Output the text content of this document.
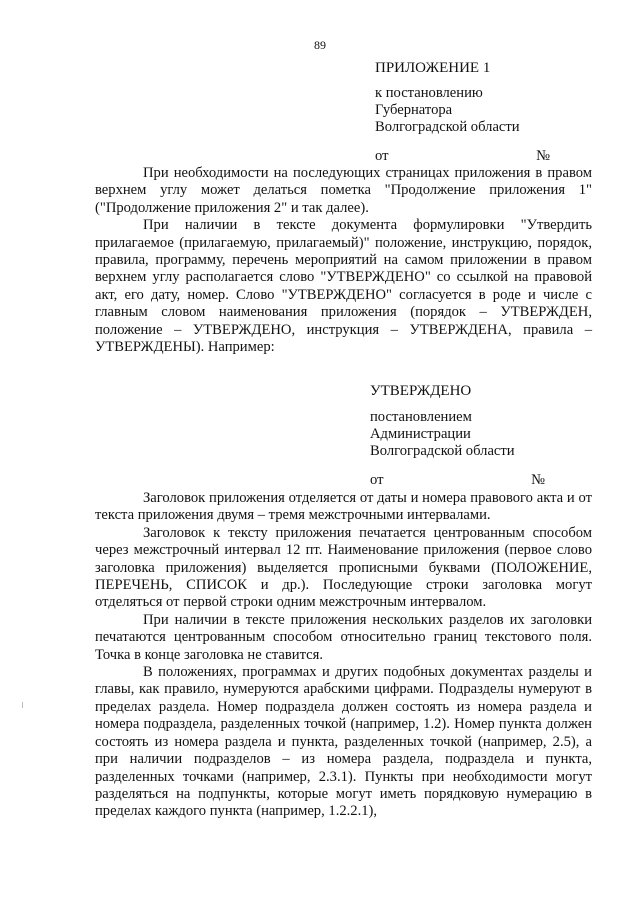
89
ПРИЛОЖЕНИЕ 1
к постановлению
Губернатора
Волгоградской области
от	№

При необходимости на последующих страницах приложения в правом верхнем углу может делаться пометка "Продолжение приложения 1" ("Продолжение приложения 2" и так далее).

При наличии в тексте документа формулировки "Утвердить прилагаемое (прилагаемую, прилагаемый)" положение, инструкцию, порядок, правила, программу, перечень мероприятий на самом приложении в правом верхнем углу располагается слово "УТВЕРЖДЕНО" со ссылкой на правовой акт, его дату, номер. Слово "УТВЕРЖДЕНО" согласуется в роде и числе с главным словом наименования приложения (порядок – УТВЕРЖДЕН, положение – УТВЕРЖДЕНО, инструкция – УТВЕРЖДЕНА, правила – УТВЕРЖДЕНЫ). Например:

УТВЕРЖДЕНО
постановлением
Администрации
Волгоградской области
от	№

Заголовок приложения отделяется от даты и номера правового акта и от текста приложения двумя – тремя межстрочными интервалами.

Заголовок к тексту приложения печатается центрованным способом через межстрочный интервал 12 пт. Наименование приложения (первое слово заголовка приложения) выделяется прописными буквами (ПОЛОЖЕНИЕ, ПЕРЕЧЕНЬ, СПИСОК и др.). Последующие строки заголовка могут отделяться от первой строки одним межстрочным интервалом.

При наличии в тексте приложения нескольких разделов их заголовки печатаются центрованным способом относительно границ текстового поля. Точка в конце заголовка не ставится.

В положениях, программах и других подобных документах разделы и главы, как правило, нумеруются арабскими цифрами. Подразделы нумеруют в пределах раздела. Номер подраздела должен состоять из номера раздела и номера подраздела, разделенных точкой (например, 1.2). Номер пункта должен состоять из номера раздела и пункта, разделенных точкой (например, 2.5), а при наличии подразделов – из номера раздела, подраздела и пункта, разделенных точками (например, 2.3.1). Пункты при необходимости могут разделяться на подпункты, которые могут иметь порядковую нумерацию в пределах каждого пункта (например, 1.2.2.1),
